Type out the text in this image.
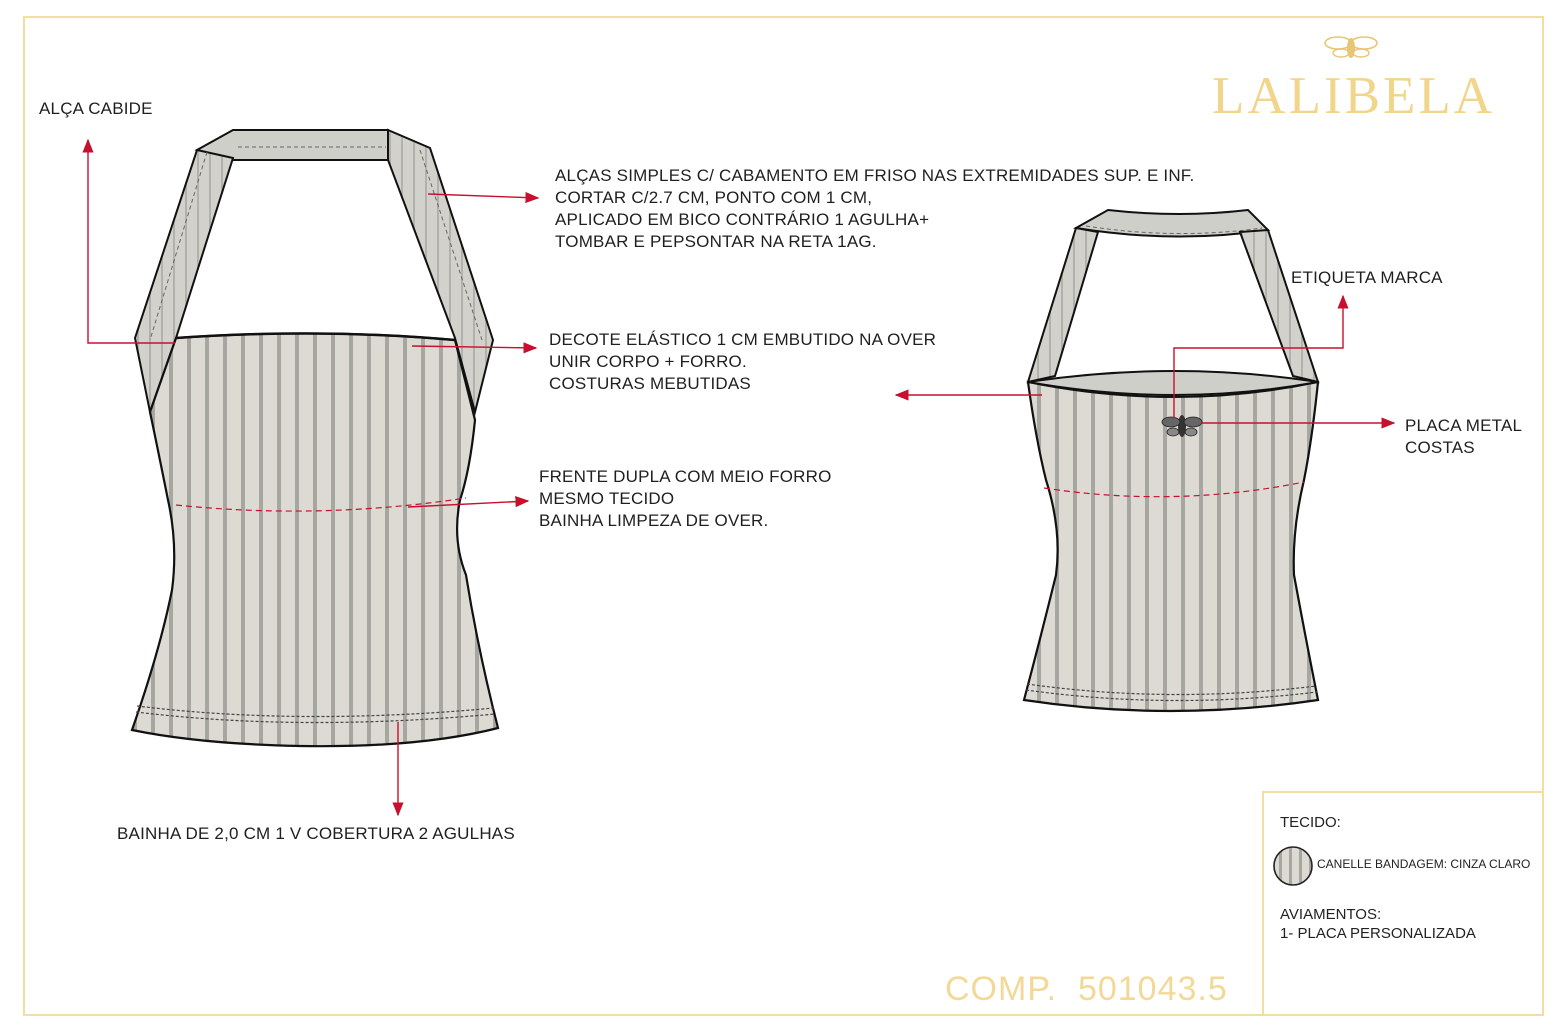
LALIBELA
ALÇA CABIDE
ALÇAS SIMPLES C/ CABAMENTO EM FRISO NAS EXTREMIDADES SUP. E INF.
CORTAR C/2.7 CM, PONTO COM 1 CM,
APLICADO EM BICO CONTRÁRIO 1 AGULHA+
TOMBAR E PEPSONTAR NA RETA 1AG.
DECOTE ELÁSTICO 1 CM EMBUTIDO NA OVER
UNIR CORPO + FORRO.
COSTURAS MEBUTIDAS
FRENTE DUPLA COM MEIO FORRO
MESMO TECIDO
BAINHA LIMPEZA DE OVER.
BAINHA DE 2,0 CM 1 V COBERTURA 2 AGULHAS
ETIQUETA MARCA
PLACA METAL
COSTAS
TECIDO:
CANELLE BANDAGEM: CINZA CLARO
AVIAMENTOS:
1- PLACA PERSONALIZADA
COMP.  501043.5
